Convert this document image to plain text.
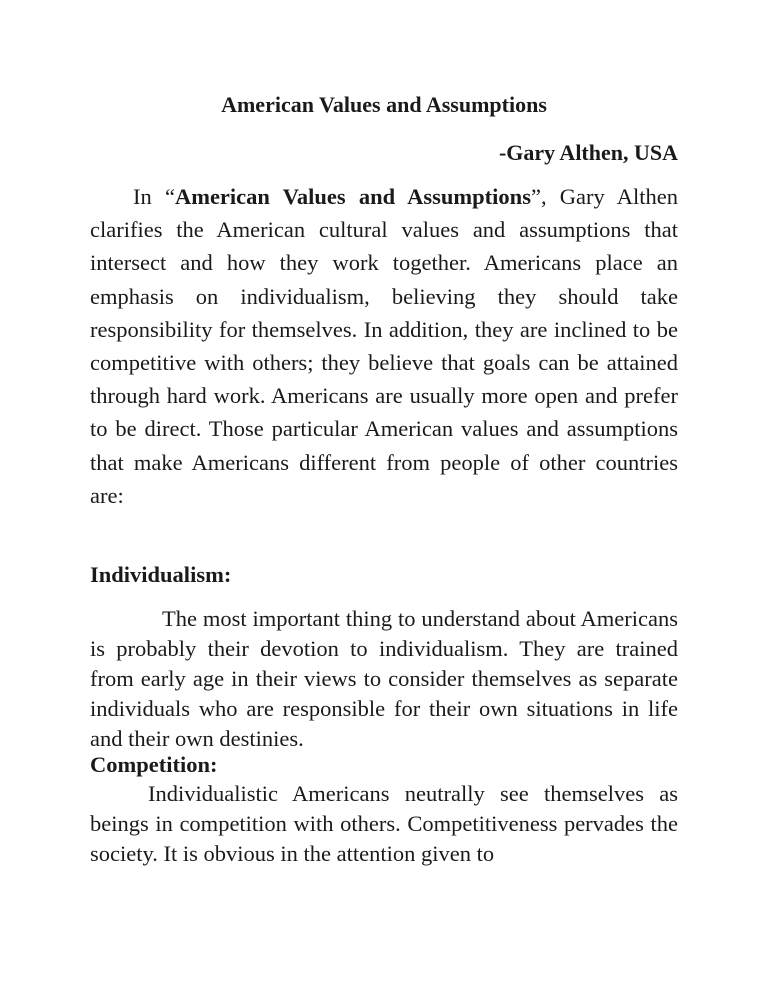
American Values and Assumptions

-Gary Althen, USA

In “American Values and Assumptions”, Gary Althen clarifies the American cultural values and assumptions that intersect and how they work together. Americans place an emphasis on individualism, believing they should take responsibility for themselves. In addition, they are inclined to be competitive with others; they believe that goals can be attained through hard work. Americans are usually more open and prefer to be direct. Those particular American values and assumptions that make Americans different from people of other countries are:

Individualism:

The most important thing to understand about Americans is probably their devotion to individualism. They are trained from early age in their views to consider themselves as separate individuals who are responsible for their own situations in life and their own destinies.

Competition:

Individualistic Americans neutrally see themselves as beings in competition with others. Competitiveness pervades the society. It is obvious in the attention given to
